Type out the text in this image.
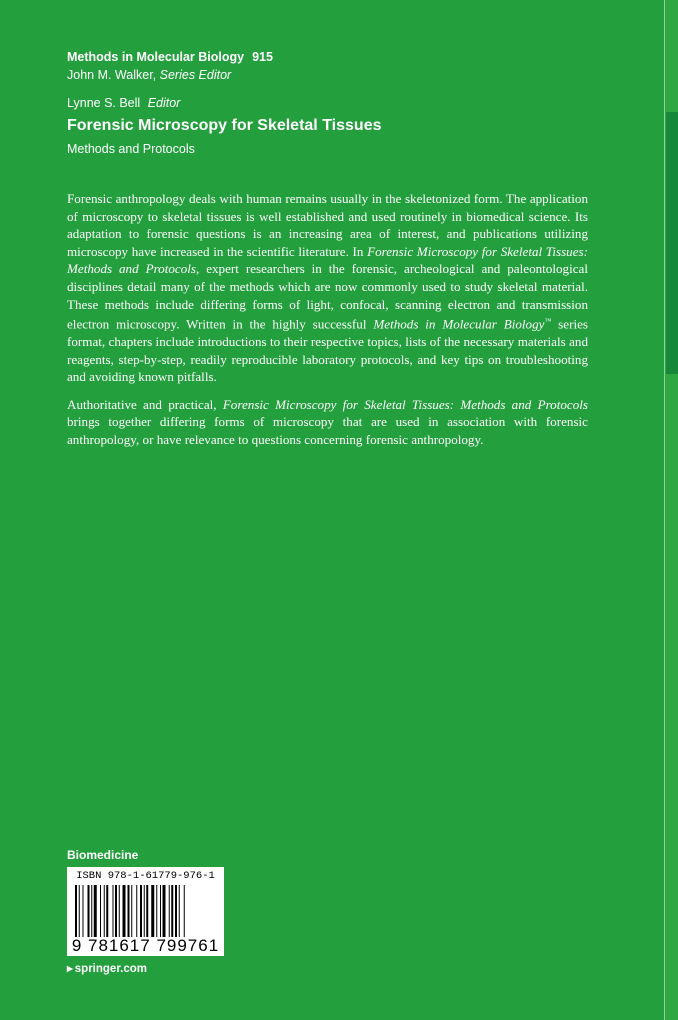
Methods in Molecular Biology 915
John M. Walker, Series Editor
Lynne S. Bell Editor
Forensic Microscopy for Skeletal Tissues
Methods and Protocols

Forensic anthropology deals with human remains usually in the skeletonized form. The application of microscopy to skeletal tissues is well established and used routinely in biomedical science. Its adaptation to forensic questions is an increasing area of interest, and publications utilizing microscopy have increased in the scientific literature. In Forensic Microscopy for Skeletal Tissues: Methods and Protocols, expert researchers in the forensic, archeological and paleontological disciplines detail many of the methods which are now commonly used to study skeletal material. These methods include differing forms of light, confocal, scanning electron and transmission electron microscopy. Written in the highly successful Methods in Molecular Biology™ series format, chapters include introductions to their respective topics, lists of the necessary materials and reagents, step-by-step, readily reproducible laboratory protocols, and key tips on troubleshooting and avoiding known pitfalls.

Authoritative and practical, Forensic Microscopy for Skeletal Tissues: Methods and Protocols brings together differing forms of microscopy that are used in association with forensic anthropology, or have relevance to questions concerning forensic anthropology.

Biomedicine
ISBN 978-1-61779-976-1
9 781617 799761
▸ springer.com
